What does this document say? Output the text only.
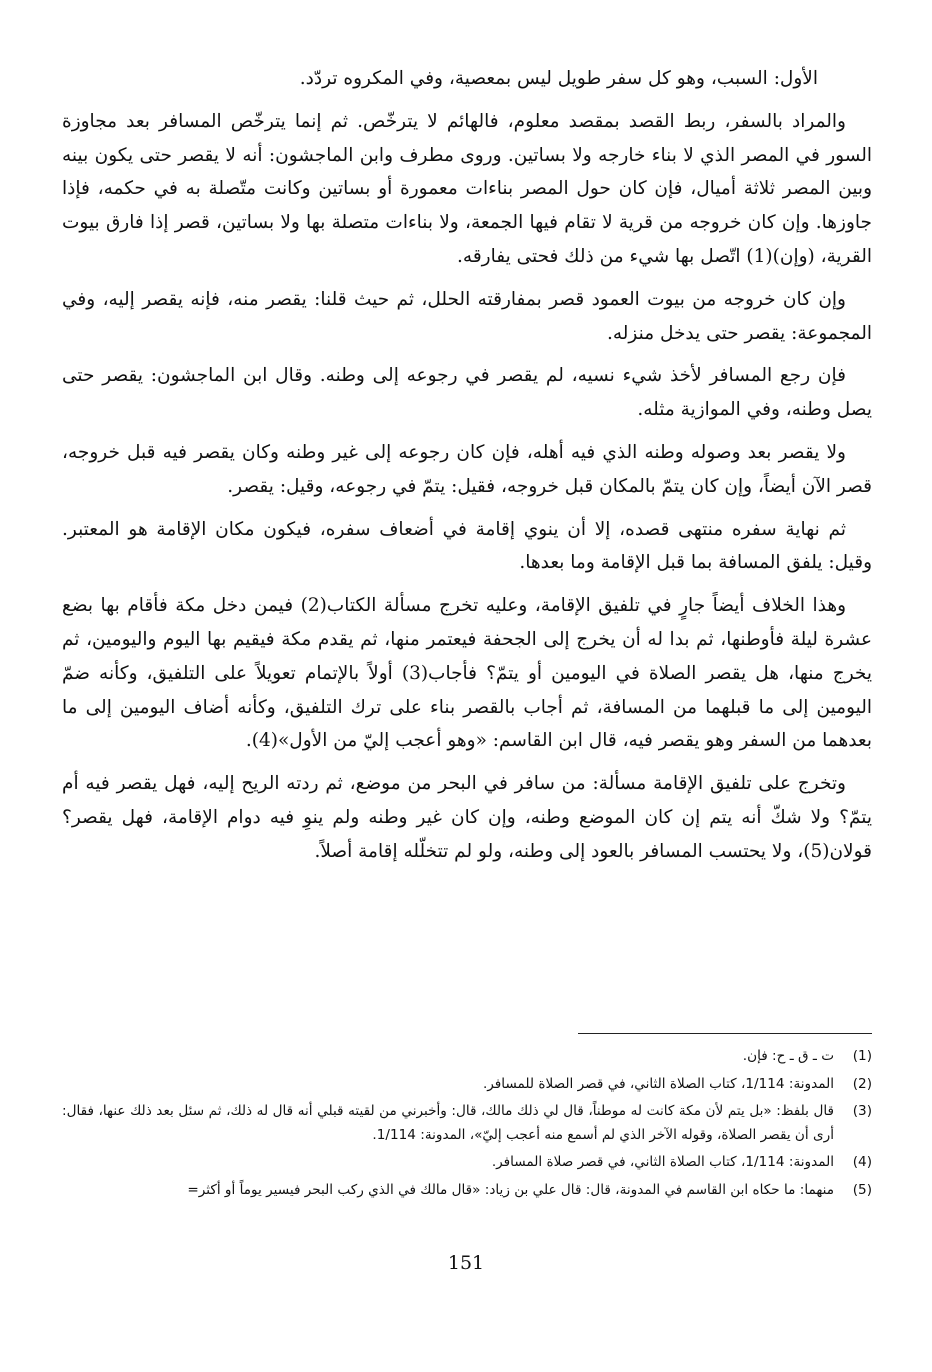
الأول: السبب، وهو كل سفر طويل ليس بمعصية، وفي المكروه تردّد.

والمراد بالسفر، ربط القصد بمقصد معلوم، فالهائم لا يترخّص. ثم إنما يترخّص المسافر بعد مجاوزة السور في المصر الذي لا بناء خارجه ولا بساتين. وروى مطرف وابن الماجشون: أنه لا يقصر حتى يكون بينه وبين المصر ثلاثة أميال، فإن كان حول المصر بناءات معمورة أو بساتين وكانت متّصلة به في حكمه، فإذا جاوزها. وإن كان خروجه من قرية لا تقام فيها الجمعة، ولا بناءات متصلة بها ولا بساتين، قصر إذا فارق بيوت القرية، (وإن)(1) اتّصل بها شيء من ذلك فحتى يفارقه.

وإن كان خروجه من بيوت العمود قصر بمفارقته الحلل، ثم حيث قلنا: يقصر منه، فإنه يقصر إليه، وفي المجموعة: يقصر حتى يدخل منزله.

فإن رجع المسافر لأخذ شيء نسيه، لم يقصر في رجوعه إلى وطنه. وقال ابن الماجشون: يقصر حتى يصل وطنه، وفي الموازية مثله.

ولا يقصر بعد وصوله وطنه الذي فيه أهله، فإن كان رجوعه إلى غير وطنه وكان يقصر فيه قبل خروجه، قصر الآن أيضاً، وإن كان يتمّ بالمكان قبل خروجه، فقيل: يتمّ في رجوعه، وقيل: يقصر.

ثم نهاية سفره منتهى قصده، إلا أن ينوي إقامة في أضعاف سفره، فيكون مكان الإقامة هو المعتبر. وقيل: يلفق المسافة بما قبل الإقامة وما بعدها.

وهذا الخلاف أيضاً جارٍ في تلفيق الإقامة، وعليه تخرج مسألة الكتاب(2) فيمن دخل مكة فأقام بها بضع عشرة ليلة فأوطنها، ثم بدا له أن يخرج إلى الجحفة فيعتمر منها، ثم يقدم مكة فيقيم بها اليوم واليومين، ثم يخرج منها، هل يقصر الصلاة في اليومين أو يتمّ؟ فأجاب(3) أولاً بالإتمام تعويلاً على التلفيق، وكأنه ضمّ اليومين إلى ما قبلهما من المسافة، ثم أجاب بالقصر بناء على ترك التلفيق، وكأنه أضاف اليومين إلى ما بعدهما من السفر وهو يقصر فيه، قال ابن القاسم: «وهو أعجب إليّ من الأول»(4).

وتخرج على تلفيق الإقامة مسألة: من سافر في البحر من موضع، ثم ردته الريح إليه، فهل يقصر فيه أم يتمّ؟ ولا شكّ أنه يتم إن كان الموضع وطنه، وإن كان غير وطنه ولم ينوِ فيه دوام الإقامة، فهل يقصر؟ قولان(5)، ولا يحتسب المسافر بالعود إلى وطنه، ولو لم تتخلّله إقامة أصلاً.

(1)
ت ـ ق ـ ح: فإن.
(2)
المدونة: 1/114، كتاب الصلاة الثاني، في قصر الصلاة للمسافر.
(3)
قال بلفظ: «بل يتم لأن مكة كانت له موطناً، قال لي ذلك مالك، قال: وأخبرني من لقيته قبلي أنه قال له ذلك، ثم سئل بعد ذلك عنها، فقال: أرى أن يقصر الصلاة، وقوله الآخر الذي لم أسمع منه أعجب إليّ»، المدونة: 1/114.
(4)
المدونة: 1/114، كتاب الصلاة الثاني، في قصر صلاة المسافر.
(5)
منهما: ما حكاه ابن القاسم في المدونة، قال: قال علي بن زياد: «قال مالك في الذي ركب البحر فيسير يوماً أو أكثر=
151
